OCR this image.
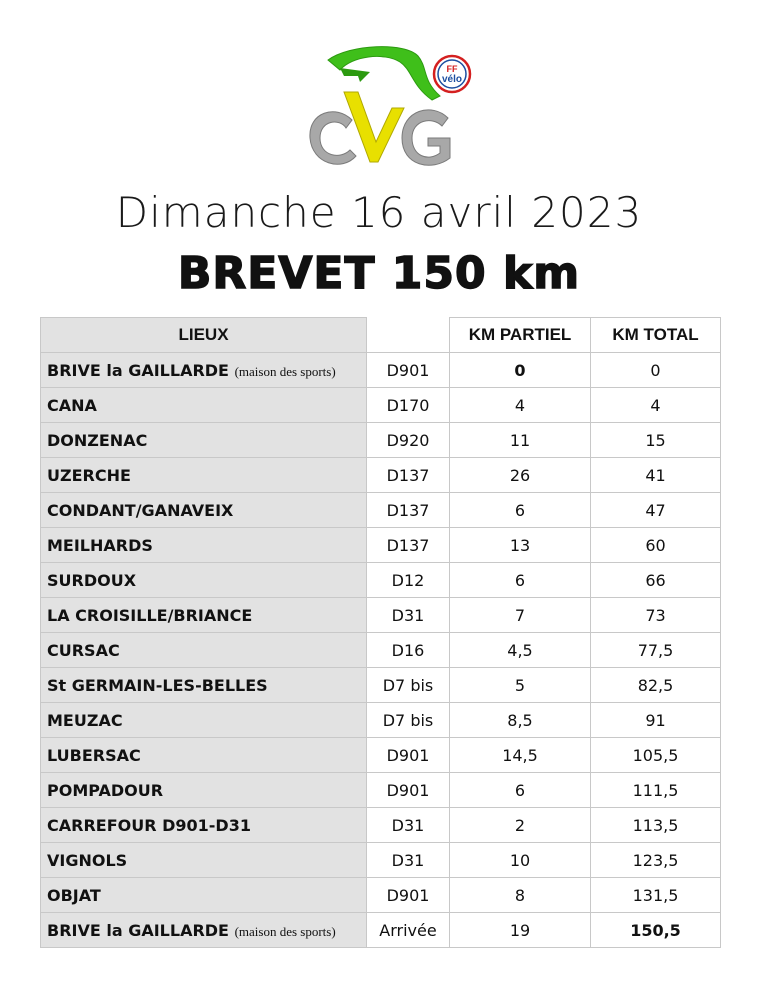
FF
vélo
Dimanche 16 avril 2023
BREVET 150 km
LIEUX		KM PARTIEL	KM TOTAL
BRIVE la GAILLARDE (maison des sports)	D901	0	0
CANA	D170	4	4
DONZENAC	D920	11	15
UZERCHE	D137	26	41
CONDANT/GANAVEIX	D137	6	47
MEILHARDS	D137	13	60
SURDOUX	D12	6	66
LA CROISILLE/BRIANCE	D31	7	73
CURSAC	D16	4,5	77,5
St GERMAIN-LES-BELLES	D7 bis	5	82,5
MEUZAC	D7 bis	8,5	91
LUBERSAC	D901	14,5	105,5
POMPADOUR	D901	6	111,5
CARREFOUR D901-D31	D31	2	113,5
VIGNOLS	D31	10	123,5
OBJAT	D901	8	131,5
BRIVE la GAILLARDE (maison des sports)	Arrivée	19	150,5
